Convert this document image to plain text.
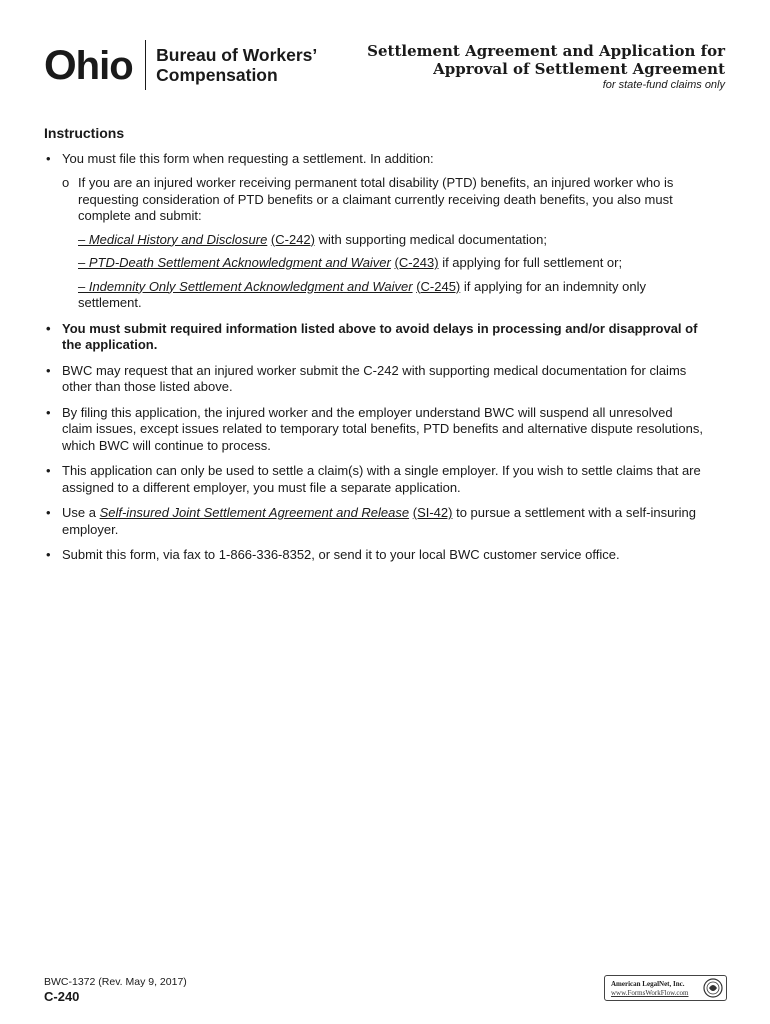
Ohio Bureau of Workers’
Compensation
Settlement Agreement and Application for
Approval of Settlement Agreement
for state-fund claims only
Instructions
• You must file this form when requesting a settlement. In addition:
o If you are an injured worker receiving permanent total disability (PTD) benefits, an injured worker who is requesting consideration of PTD benefits or a claimant currently receiving death benefits, you also must complete and submit:
– Medical History and Disclosure (C-242) with supporting medical documentation;
– PTD-Death Settlement Acknowledgment and Waiver (C-243) if applying for full settlement or;
– Indemnity Only Settlement Acknowledgment and Waiver (C-245) if applying for an indemnity only settlement.
• You must submit required information listed above to avoid delays in processing and/or disapproval of the application.
• BWC may request that an injured worker submit the C-242 with supporting medical documentation for claims other than those listed above.
• By filing this application, the injured worker and the employer understand BWC will suspend all unresolved claim issues, except issues related to temporary total benefits, PTD benefits and alternative dispute resolutions, which BWC will continue to process.
• This application can only be used to settle a claim(s) with a single employer. If you wish to settle claims that are assigned to a different employer, you must file a separate application.
• Use a Self-insured Joint Settlement Agreement and Release (SI-42) to pursue a settlement with a self-insuring employer.
• Submit this form, via fax to 1-866-336-8352, or send it to your local BWC customer service office.
BWC-1372 (Rev. May 9, 2017)
C-240
American LegalNet, Inc.
www.FormsWorkFlow.com
